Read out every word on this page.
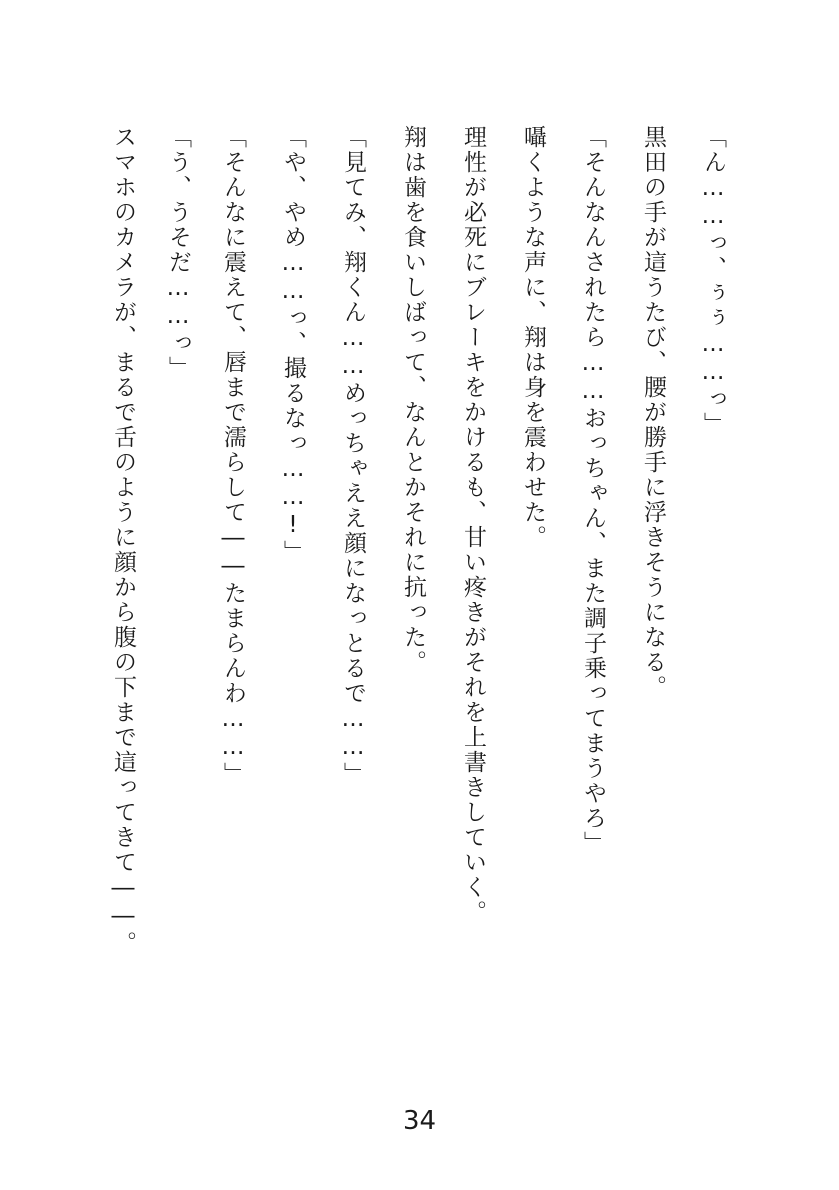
「ん……っ、ぅぅ……っ」
黒田の手が這うたび、腰が勝手に浮きそうになる。
「そんなんされたら……おっちゃん、また調子乗ってまうやろ」
囁くような声に、翔は身を震わせた。
理性が必死にブレーキをかけるも、甘い疼きがそれを上書きしていく。
翔は歯を食いしばって、なんとかそれに抗った。
「見てみ、翔くん……めっちゃええ顔になっとるで……」
「や、やめ……っ、撮るなっ……!」
「そんなに震えて、唇まで濡らして――たまらんわ……」
「う、うそだ……っ」
スマホのカメラが、まるで舌のように顔から腹の下まで這ってきて――。
34
